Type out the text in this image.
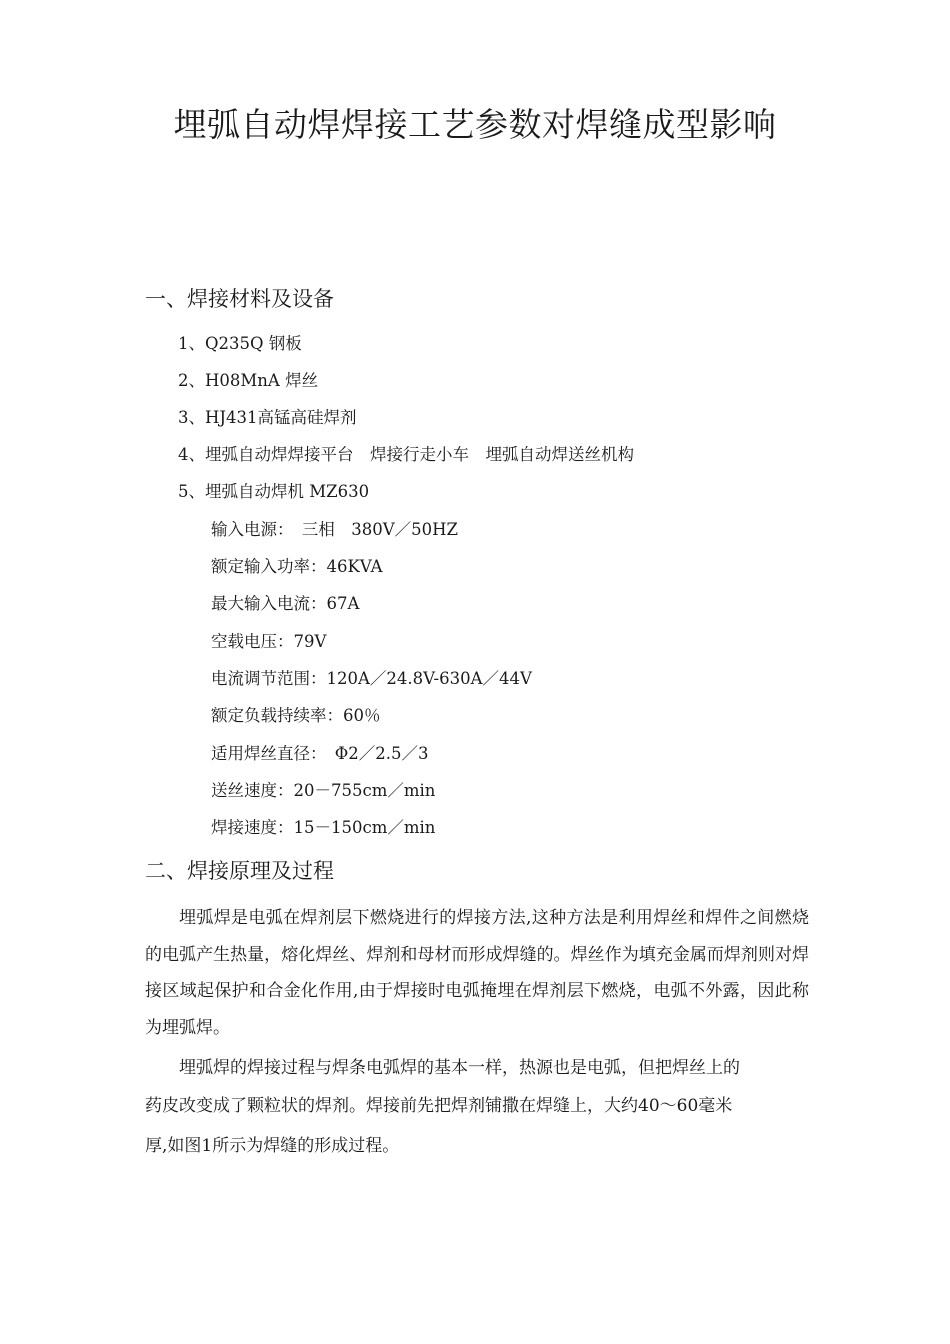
埋弧自动焊焊接工艺参数对焊缝成型影响
一、焊接材料及设备
1、Q235Q 钢板
2、H08MnA 焊丝
3、HJ431高锰高硅焊剂
4、埋弧自动焊焊接平台　焊接行走小车　埋弧自动焊送丝机构
5、埋弧自动焊机 MZ630
输入电源：　三相　380V／50HZ
额定输入功率：46KVA
最大输入电流：67A
空载电压：79V
电流调节范围：120A／24.8V-630A／44V
额定负载持续率：60％
适用焊丝直径：　Φ2／2.5／3
送丝速度：20－755cm／min
焊接速度：15－150cm／min
二、焊接原理及过程
埋弧焊是电弧在焊剂层下燃烧进行的焊接方法,这种方法是利用焊丝和焊件之间燃烧的电弧产生热量，熔化焊丝、焊剂和母材而形成焊缝的。焊丝作为填充金属而焊剂则对焊接区域起保护和合金化作用,由于焊接时电弧掩埋在焊剂层下燃烧，电弧不外露，因此称为埋弧焊。
埋弧焊的焊接过程与焊条电弧焊的基本一样，热源也是电弧，但把焊丝上的
药皮改变成了颗粒状的焊剂。焊接前先把焊剂铺撒在焊缝上，大约40～60毫米
厚,如图1所示为焊缝的形成过程。
